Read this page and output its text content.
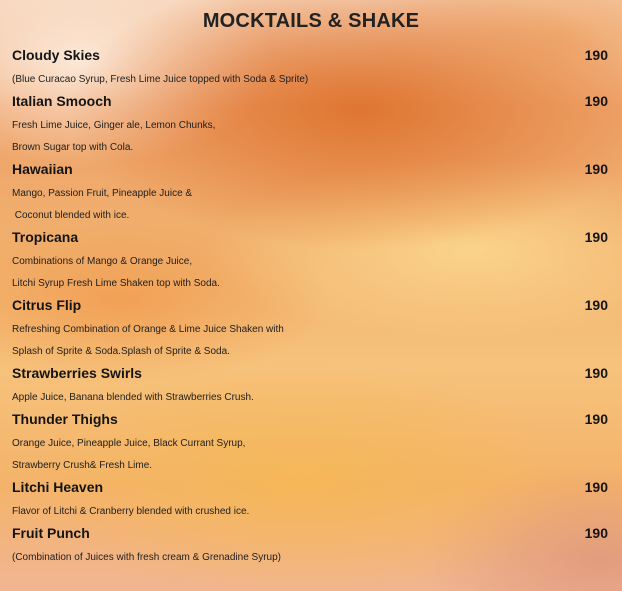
MOCKTAILS & SHAKE
Cloudy Skies	190
(Blue Curacao Syrup, Fresh Lime Juice topped with Soda & Sprite)
Italian Smooch	190
Fresh Lime Juice, Ginger ale, Lemon Chunks,
Brown Sugar top with Cola.
Hawaiian	190
Mango, Passion Fruit, Pineapple Juice &
Coconut blended with ice.
Tropicana	190
Combinations of Mango & Orange Juice,
Litchi Syrup Fresh Lime Shaken top with Soda.
Citrus Flip	190
Refreshing Combination of Orange & Lime Juice Shaken with
Splash of Sprite & Soda.Splash of Sprite & Soda.
Strawberries Swirls	190
Apple Juice, Banana blended with Strawberries Crush.
Thunder Thighs	190
Orange Juice, Pineapple Juice, Black Currant Syrup,
Strawberry Crush& Fresh Lime.
Litchi Heaven	190
Flavor of Litchi & Cranberry blended with crushed ice.
Fruit Punch	190
(Combination of Juices with fresh cream & Grenadine Syrup)
